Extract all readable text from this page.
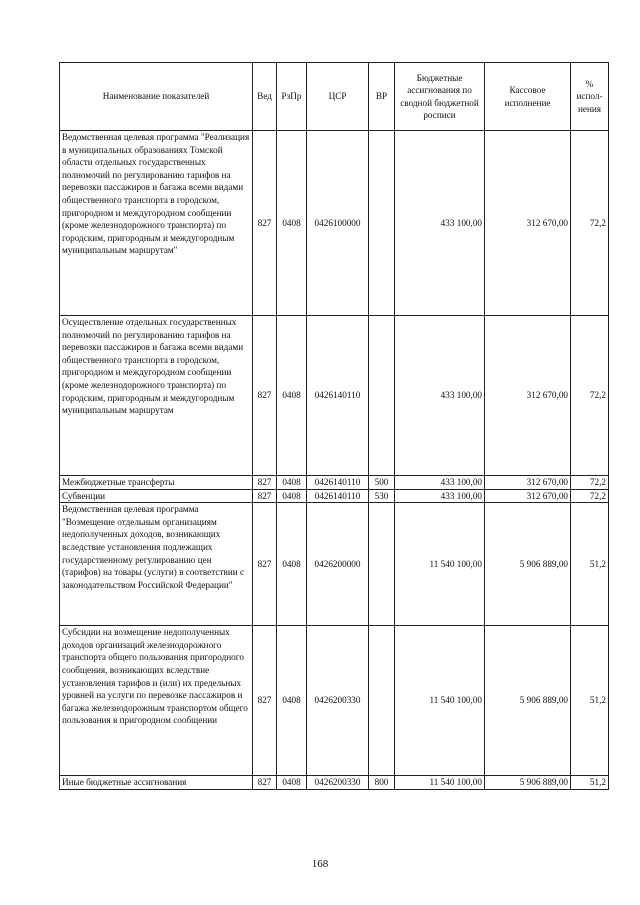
Наименование показателей	Вед	РзПр	ЦСР	ВР	Бюджетные ассигнования по сводной бюджетной росписи	Кассовое исполнение	% испол-нения
Ведомственная целевая программа "Реализация в муниципальных образованиях Томской области отдельных государственных полномочий по регулированию тарифов на перевозки пассажиров и багажа всеми видами общественного транспорта в городском, пригородном и междугородном сообщении (кроме железнодорожного транспорта) по городским, пригородным и междугородным муниципальным маршрутам"	827	0408	0426100000		433 100,00	312 670,00	72,2
Осуществление отдельных государственных полномочий по регулированию тарифов на перевозки пассажиров и багажа всеми видами общественного транспорта в городском, пригородном и междугородном сообщении (кроме железнодорожного транспорта) по городским, пригородным и междугородным муниципальным маршрутам	827	0408	0426140110		433 100,00	312 670,00	72,2
Межбюджетные трансферты	827	0408	0426140110	500	433 100,00	312 670,00	72,2
Субвенции	827	0408	0426140110	530	433 100,00	312 670,00	72,2
Ведомственная целевая программа "Возмещение отдельным организациям недополученных доходов, возникающих вследствие установления подлежащих государственному регулированию цен (тарифов) на товары (услуги) в соответствии с законодательством Российской Федерации"	827	0408	0426200000		11 540 100,00	5 906 889,00	51,2
Субсидии на возмещение недополученных доходов организаций железнодорожного транспорта общего пользования пригородного сообщения, возникающих вследствие установления тарифов и (или) их предельных уровней на услуги по перевозке пассажиров и багажа железнодорожным транспортом общего пользования в пригородном сообщении	827	0408	0426200330		11 540 100,00	5 906 889,00	51,2
Иные бюджетные ассигнования	827	0408	0426200330	800	11 540 100,00	5 906 889,00	51,2
168
